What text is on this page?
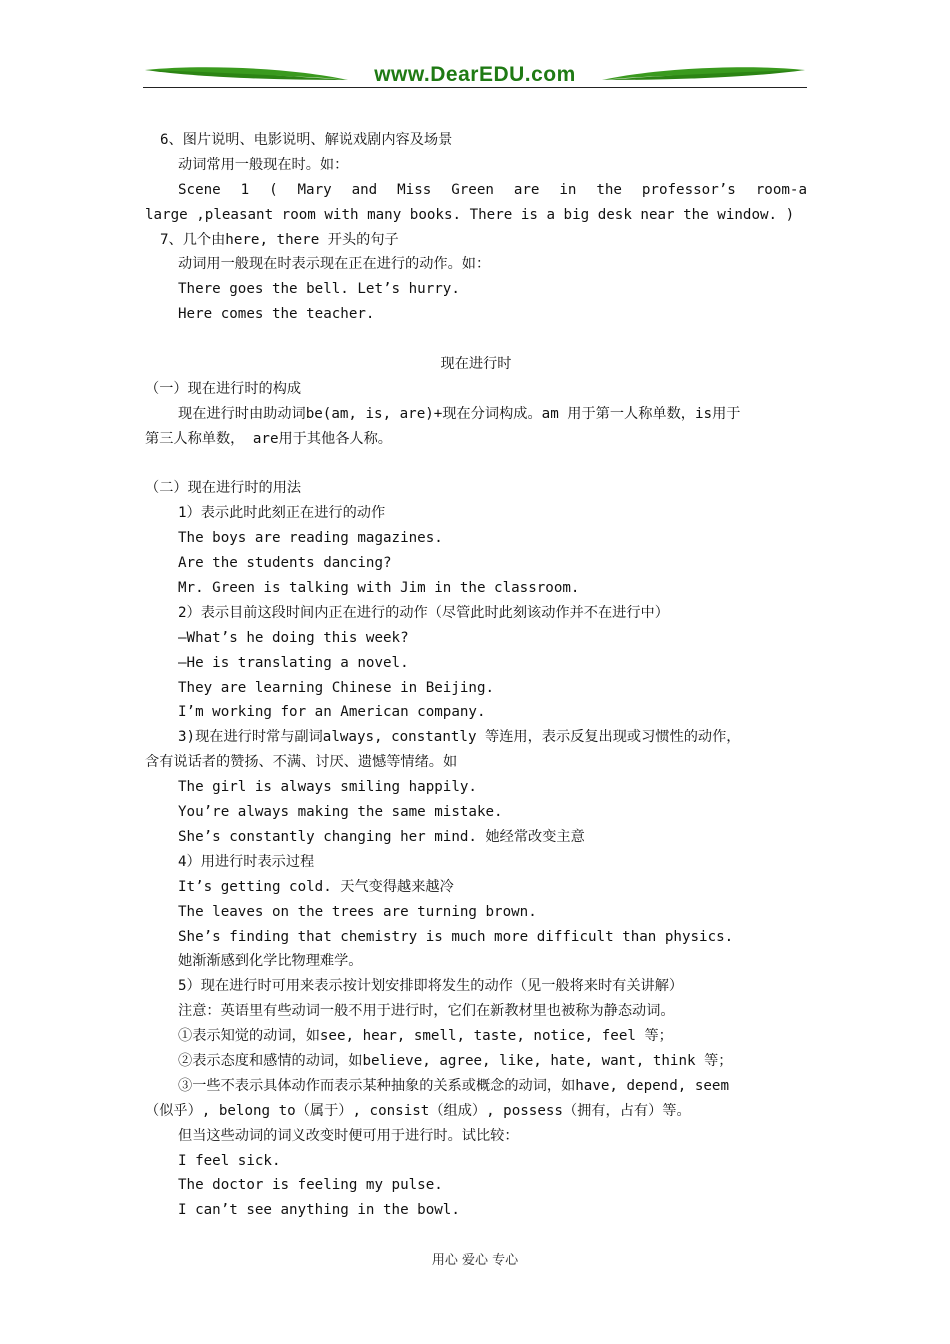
www.DearEDU.com
6、图片说明、电影说明、解说戏剧内容及场景
动词常用一般现在时。如：
Scene 1 ( Mary and Miss Green are in the professor’s room-a
large ,pleasant room with many books. There is a big desk near the window. )
7、几个由here, there 开头的句子
动词用一般现在时表示现在正在进行的动作。如：
There goes the bell. Let’s hurry.
Here comes the teacher.
现在进行时
（一）现在进行时的构成
现在进行时由助动词be(am, is, are)+现在分词构成。am 用于第一人称单数，is用于
第三人称单数， are用于其他各人称。
（二）现在进行时的用法
1）表示此时此刻正在进行的动作
The boys are reading magazines.
Are the students dancing?
Mr. Green is talking with Jim in the classroom.
2）表示目前这段时间内正在进行的动作（尽管此时此刻该动作并不在进行中）
—What’s he doing this week?
—He is translating a novel.
They are learning Chinese in Beijing.
I’m working for an American company.
3)现在进行时常与副词always, constantly 等连用，表示反复出现或习惯性的动作，
含有说话者的赞扬、不满、讨厌、遗憾等情绪。如
The girl is always smiling happily.
You’re always making the same mistake.
She’s constantly changing her mind. 她经常改变主意
4）用进行时表示过程
It’s getting cold. 天气变得越来越冷
The leaves on the trees are turning brown.
She’s finding that chemistry is much more difficult than physics.
她渐渐感到化学比物理难学。
5）现在进行时可用来表示按计划安排即将发生的动作（见一般将来时有关讲解）
注意：英语里有些动词一般不用于进行时，它们在新教材里也被称为静态动词。
①表示知觉的动词，如see, hear, smell, taste, notice, feel 等；
②表示态度和感情的动词，如believe, agree, like, hate, want, think 等；
③一些不表示具体动作而表示某种抽象的关系或概念的动词，如have, depend, seem
（似乎）, belong to（属于）, consist（组成）, possess（拥有，占有）等。
但当这些动词的词义改变时便可用于进行时。试比较：
I feel sick.
The doctor is feeling my pulse.
I can’t see anything in the bowl.
用心 爱心 专心
